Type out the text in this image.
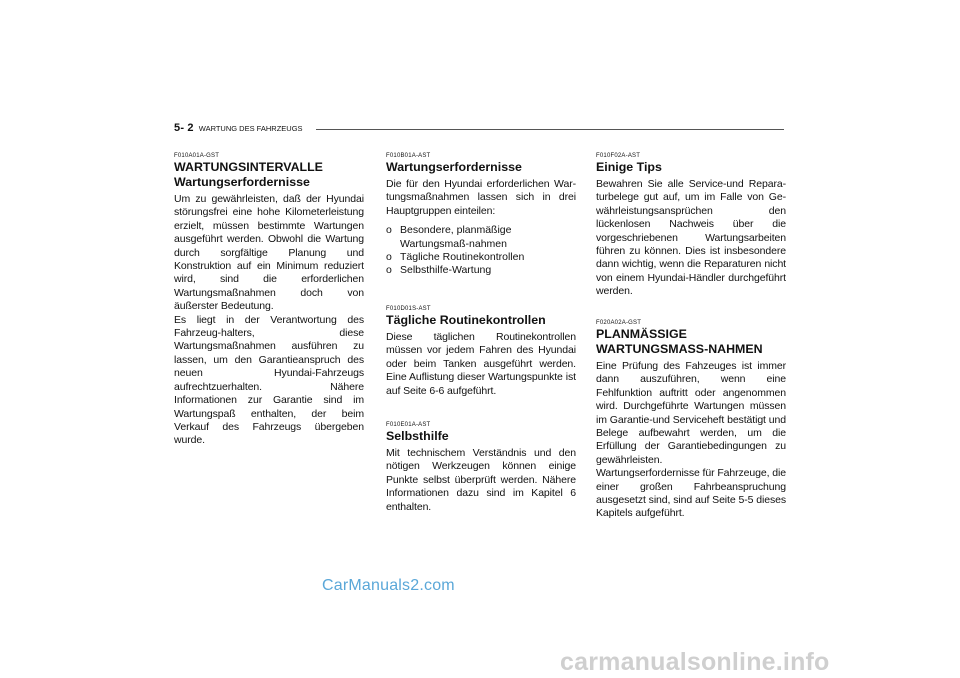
5- 2 WARTUNG DES FAHRZEUGS
F010A01A-GST
WARTUNGSINTERVALLE
Wartungserfordernisse
Um zu gewährleisten, daß der Hyundai störungsfrei eine hohe Kilometerleistung erzielt, müssen bestimmte Wartungen ausgeführt werden. Obwohl die Wartung durch sorgfältige Planung und Konstruktion auf ein Minimum reduziert wird, sind die erforderlichen Wartungsmaßnahmen doch von äußerster Bedeutung.
Es liegt in der Verantwortung des Fahrzeug-halters, diese Wartungsmaßnahmen ausführen zu lassen, um den Garantieanspruch des neuen Hyundai-Fahrzeugs aufrechtzuerhalten. Nähere Informationen zur Garantie sind im Wartungspaß enthalten, der beim Verkauf des Fahrzeugs übergeben wurde.
F010B01A-AST
Wartungserfordernisse
Die für den Hyundai erforderlichen War-tungsmaßnahmen lassen sich in drei Hauptgruppen einteilen:
o Besondere, planmäßige Wartungsmaß-nahmen
o Tägliche Routinekontrollen
o Selbsthilfe-Wartung
F010D01S-AST
Tägliche Routinekontrollen
Diese täglichen Routinekontrollen müssen vor jedem Fahren des Hyundai oder beim Tanken ausgeführt werden. Eine Auflistung dieser Wartungspunkte ist auf Seite 6-6 aufgeführt.
F010E01A-AST
Selbsthilfe
Mit technischem Verständnis und den nötigen Werkzeugen können einige Punkte selbst überprüft werden. Nähere Informationen dazu sind im Kapitel 6 enthalten.
F010F02A-AST
Einige Tips
Bewahren Sie alle Service-und Repara-turbelege gut auf, um im Falle von Ge-währleistungsansprüchen den lückenlosen Nachweis über die vorgeschriebenen Wartungsarbeiten führen zu können. Dies ist insbesondere dann wichtig, wenn die Reparaturen nicht von einem Hyundai-Händler durchgeführt werden.
F020A02A-GST
PLANMÄSSIGE
WARTUNGSMASS-NAHMEN
Eine Prüfung des Fahzeuges ist immer dann auszuführen, wenn eine Fehlfunktion auftritt oder angenommen wird. Durchgeführte Wartungen müssen im Garantie-und Serviceheft bestätigt und Belege aufbewahrt werden, um die Erfüllung der Garantiebedingungen zu gewährleisten.
Wartungserfordernisse für Fahrzeuge, die einer großen Fahrbeanspruchung ausgesetzt sind, sind auf Seite 5-5 dieses Kapitels aufgeführt.
CarManuals2.com
carmanualsonline.info
